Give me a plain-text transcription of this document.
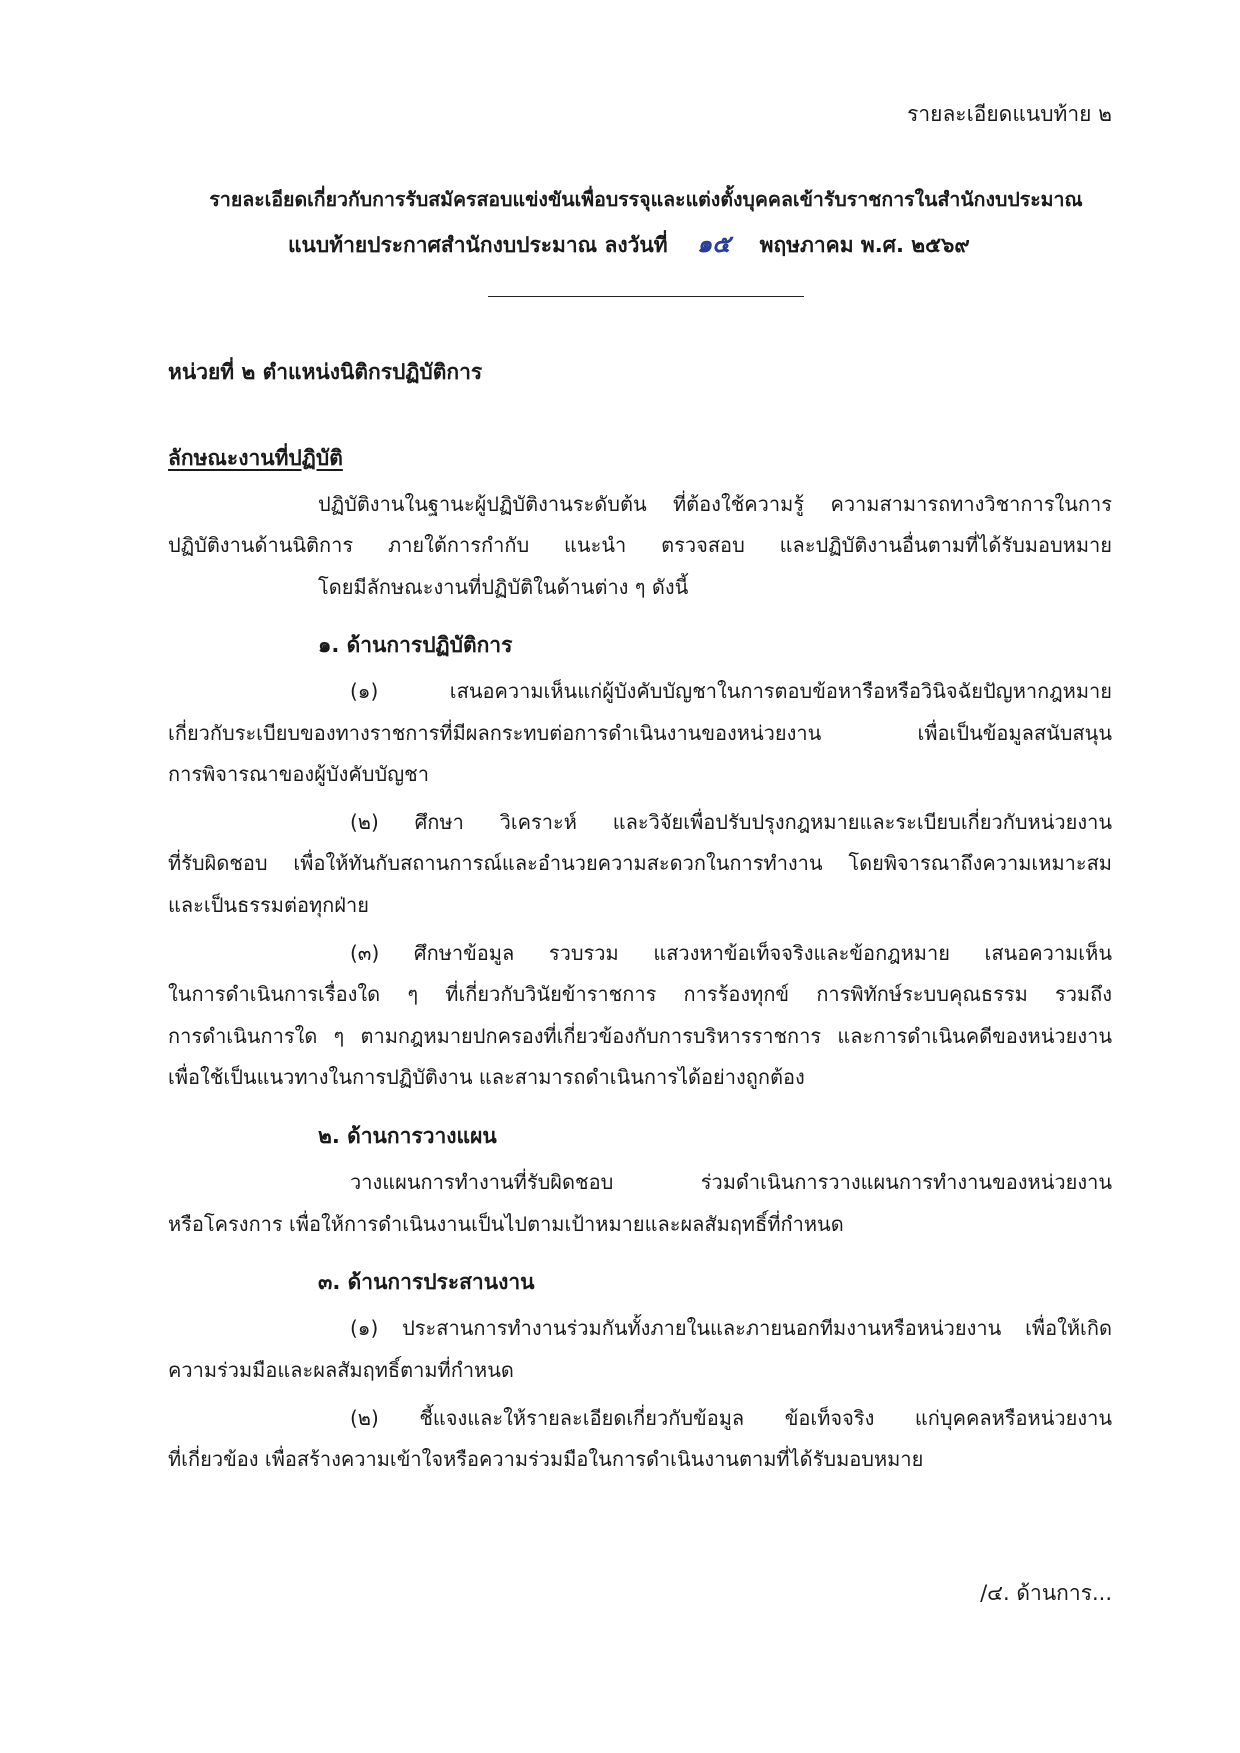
รายละเอียดแนบท้าย ๒
รายละเอียดเกี่ยวกับการรับสมัครสอบแข่งขันเพื่อบรรจุและแต่งตั้งบุคคลเข้ารับราชการในสำนักงบประมาณ
แนบท้ายประกาศสำนักงบประมาณ ลงวันที่ ๑๕ พฤษภาคม พ.ศ. ๒๕๖๙
หน่วยที่ ๒ ตำแหน่งนิติกรปฏิบัติการ
ลักษณะงานที่ปฏิบัติ
ปฏิบัติงานในฐานะผู้ปฏิบัติงานระดับต้น ที่ต้องใช้ความรู้ ความสามารถทางวิชาการในการ
ปฏิบัติงานด้านนิติการ ภายใต้การกำกับ แนะนำ ตรวจสอบ และปฏิบัติงานอื่นตามที่ได้รับมอบหมาย
โดยมีลักษณะงานที่ปฏิบัติในด้านต่าง ๆ ดังนี้
๑. ด้านการปฏิบัติการ
(๑) เสนอความเห็นแก่ผู้บังคับบัญชาในการตอบข้อหารือหรือวินิจฉัยปัญหากฎหมาย
เกี่ยวกับระเบียบของทางราชการที่มีผลกระทบต่อการดำเนินงานของหน่วยงาน เพื่อเป็นข้อมูลสนับสนุน
การพิจารณาของผู้บังคับบัญชา
(๒) ศึกษา วิเคราะห์ และวิจัยเพื่อปรับปรุงกฎหมายและระเบียบเกี่ยวกับหน่วยงาน
ที่รับผิดชอบ เพื่อให้ทันกับสถานการณ์และอำนวยความสะดวกในการทำงาน โดยพิจารณาถึงความเหมาะสม
และเป็นธรรมต่อทุกฝ่าย
(๓) ศึกษาข้อมูล รวบรวม แสวงหาข้อเท็จจริงและข้อกฎหมาย เสนอความเห็น
ในการดำเนินการเรื่องใด ๆ ที่เกี่ยวกับวินัยข้าราชการ การร้องทุกข์ การพิทักษ์ระบบคุณธรรม รวมถึง
การดำเนินการใด ๆ ตามกฎหมายปกครองที่เกี่ยวข้องกับการบริหารราชการ และการดำเนินคดีของหน่วยงาน
เพื่อใช้เป็นแนวทางในการปฏิบัติงาน และสามารถดำเนินการได้อย่างถูกต้อง
๒. ด้านการวางแผน
วางแผนการทำงานที่รับผิดชอบ ร่วมดำเนินการวางแผนการทำงานของหน่วยงาน
หรือโครงการ เพื่อให้การดำเนินงานเป็นไปตามเป้าหมายและผลสัมฤทธิ์ที่กำหนด
๓. ด้านการประสานงาน
(๑) ประสานการทำงานร่วมกันทั้งภายในและภายนอกทีมงานหรือหน่วยงาน เพื่อให้เกิด
ความร่วมมือและผลสัมฤทธิ์ตามที่กำหนด
(๒) ชี้แจงและให้รายละเอียดเกี่ยวกับข้อมูล ข้อเท็จจริง แก่บุคคลหรือหน่วยงาน
ที่เกี่ยวข้อง เพื่อสร้างความเข้าใจหรือความร่วมมือในการดำเนินงานตามที่ได้รับมอบหมาย
/๔. ด้านการ...
